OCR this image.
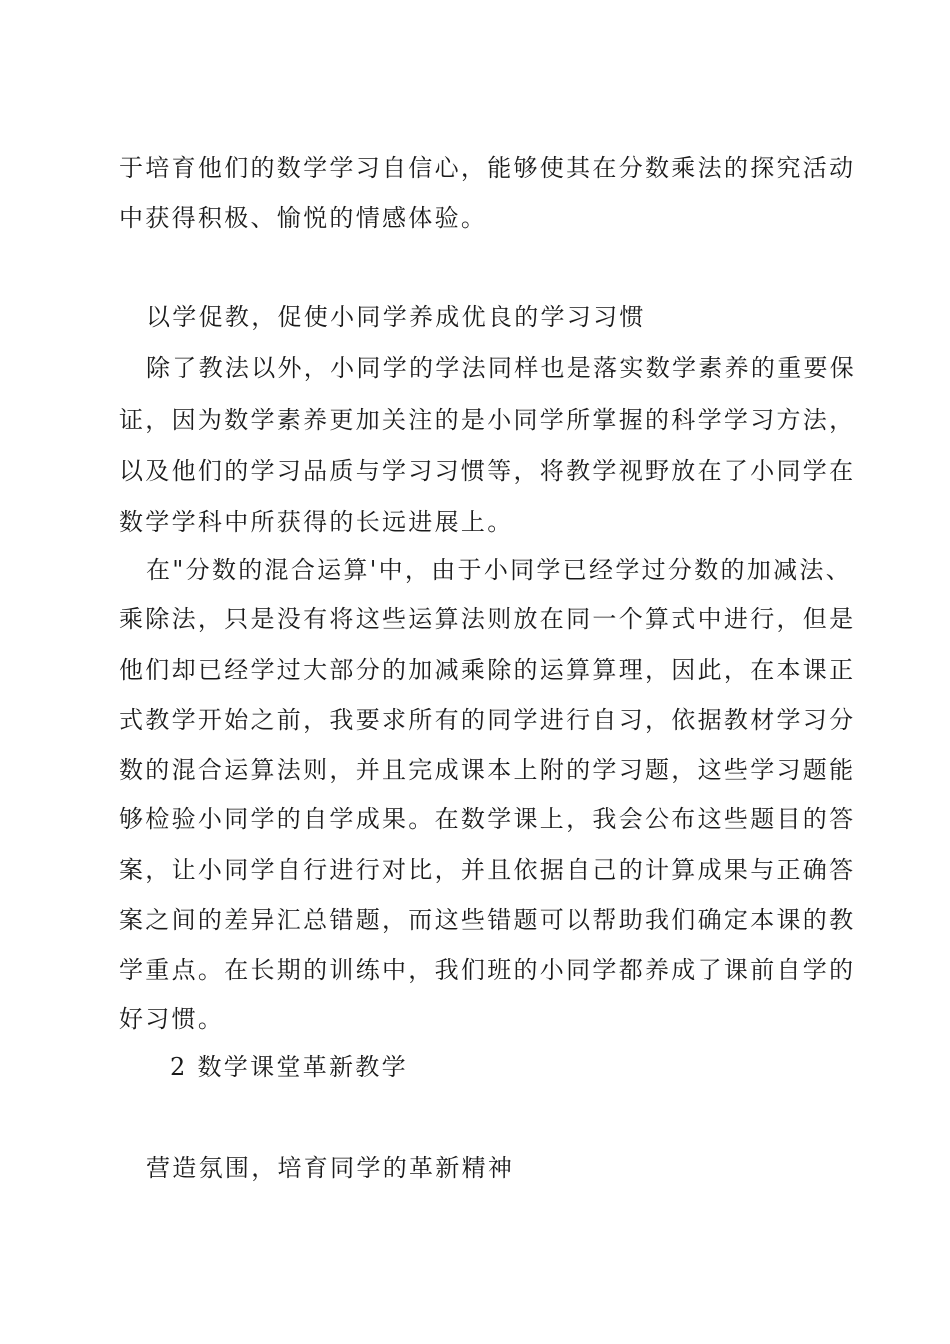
于培育他们的数学学习自信心，能够使其在分数乘法的探究活动
中获得积极、愉悦的情感体验。
以学促教，促使小同学养成优良的学习习惯
除了教法以外，小同学的学法同样也是落实数学素养的重要保
证，因为数学素养更加关注的是小同学所掌握的科学学习方法，
以及他们的学习品质与学习习惯等，将教学视野放在了小同学在
数学学科中所获得的长远进展上。
在"分数的混合运算'中，由于小同学已经学过分数的加减法、
乘除法，只是没有将这些运算法则放在同一个算式中进行，但是
他们却已经学过大部分的加减乘除的运算算理，因此，在本课正
式教学开始之前，我要求所有的同学进行自习，依据教材学习分
数的混合运算法则，并且完成课本上附的学习题，这些学习题能
够检验小同学的自学成果。在数学课上，我会公布这些题目的答
案，让小同学自行进行对比，并且依据自己的计算成果与正确答
案之间的差异汇总错题，而这些错题可以帮助我们确定本课的教
学重点。在长期的训练中，我们班的小同学都养成了课前自学的
好习惯。
2 数学课堂革新教学
营造氛围，培育同学的革新精神
